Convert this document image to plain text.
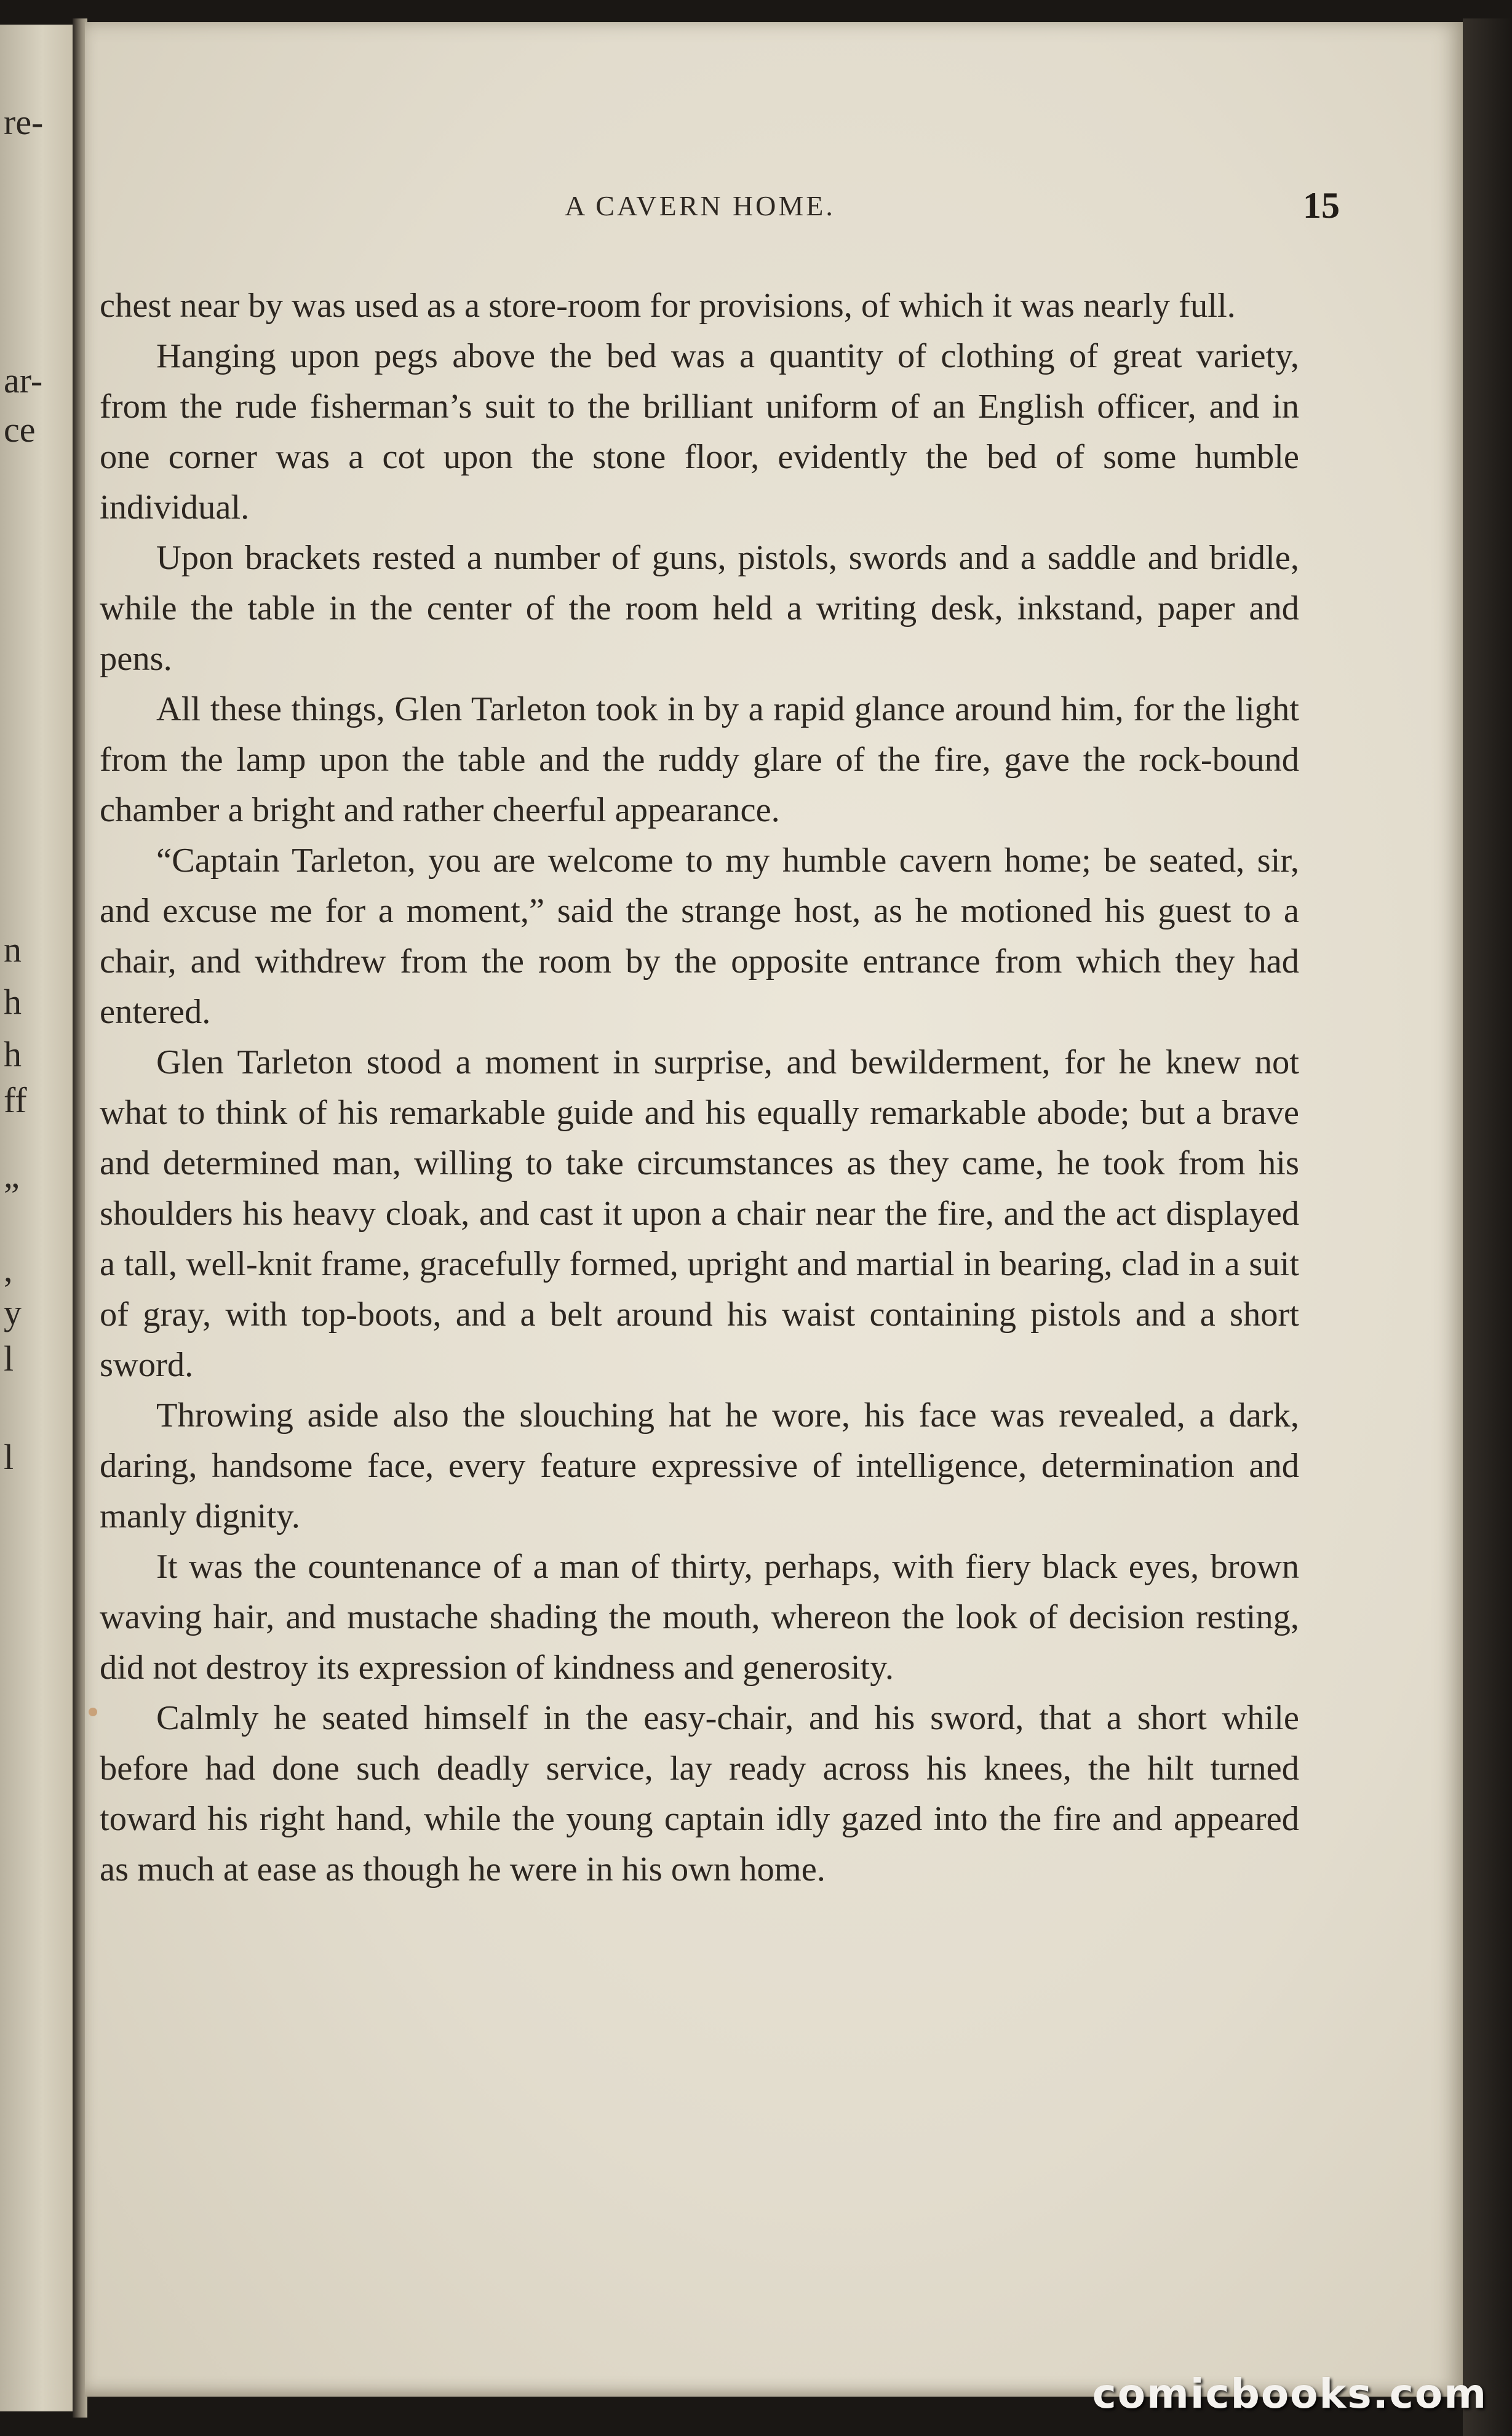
re-
ar-
ce
n
h
h
ff
”
,
y
l
l
A CAVERN HOME.	15

chest near by was used as a store-room for provisions, of which it was nearly full.

Hanging upon pegs above the bed was a quantity of clothing of great variety, from the rude fisherman’s suit to the brilliant uniform of an English officer, and in one corner was a cot upon the stone floor, evidently the bed of some humble individual.

Upon brackets rested a number of guns, pistols, swords and a saddle and bridle, while the table in the center of the room held a writing desk, inkstand, paper and pens.

All these things, Glen Tarleton took in by a rapid glance around him, for the light from the lamp upon the table and the ruddy glare of the fire, gave the rock-bound chamber a bright and rather cheerful appearance.

“Captain Tarleton, you are welcome to my humble cavern home; be seated, sir, and excuse me for a moment,” said the strange host, as he motioned his guest to a chair, and withdrew from the room by the opposite entrance from which they had entered.

Glen Tarleton stood a moment in surprise, and bewilderment, for he knew not what to think of his remarkable guide and his equally remarkable abode; but a brave and determined man, willing to take circumstances as they came, he took from his shoulders his heavy cloak, and cast it upon a chair near the fire, and the act displayed a tall, well-knit frame, gracefully formed, upright and martial in bearing, clad in a suit of gray, with top-boots, and a belt around his waist containing pistols and a short sword.

Throwing aside also the slouching hat he wore, his face was revealed, a dark, daring, handsome face, every feature expressive of intelligence, determination and manly dignity.

It was the countenance of a man of thirty, perhaps, with fiery black eyes, brown waving hair, and mustache shading the mouth, whereon the look of decision resting, did not destroy its expression of kindness and generosity.

Calmly he seated himself in the easy-chair, and his sword, that a short while before had done such deadly service, lay ready across his knees, the hilt turned toward his right hand, while the young captain idly gazed into the fire and appeared as much at ease as though he were in his own home.

comicbooks.com
